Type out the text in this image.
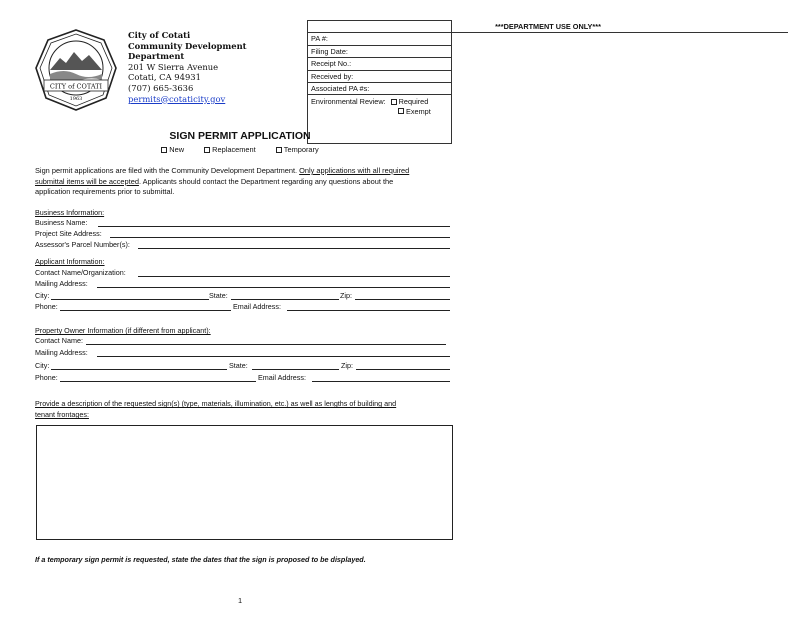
CITY of COTATI
1963
City of Cotati
Community Development
Department
201 W Sierra Avenue
Cotati, CA 94931
(707) 665-3636
permits@cotaticity.gov
***DEPARTMENT USE ONLY***
PA #:
Filing Date:
Receipt No.:
Received by:
Associated PA #s:
Environmental Review: Required
Exempt
SIGN PERMIT APPLICATION
New	Replacement	Temporary
Sign permit applications are filed with the Community Development Department. Only applications with all required
submittal items will be accepted. Applicants should contact the Department regarding any questions about the
application requirements prior to submittal.
Business Information:
Business Name:
Project Site Address:
Assessor's Parcel Number(s):
Applicant Information:
Contact Name/Organization:
Mailing Address:
City:	State:	Zip:
Phone:	Email Address:
Property Owner Information (if different from applicant):
Contact Name:
Mailing Address:
City:	State:	Zip:
Phone:	Email Address:
Provide a description of the requested sign(s) (type, materials, illumination, etc.) as well as lengths of building and
tenant frontages:
If a temporary sign permit is requested, state the dates that the sign is proposed to be displayed.
1
